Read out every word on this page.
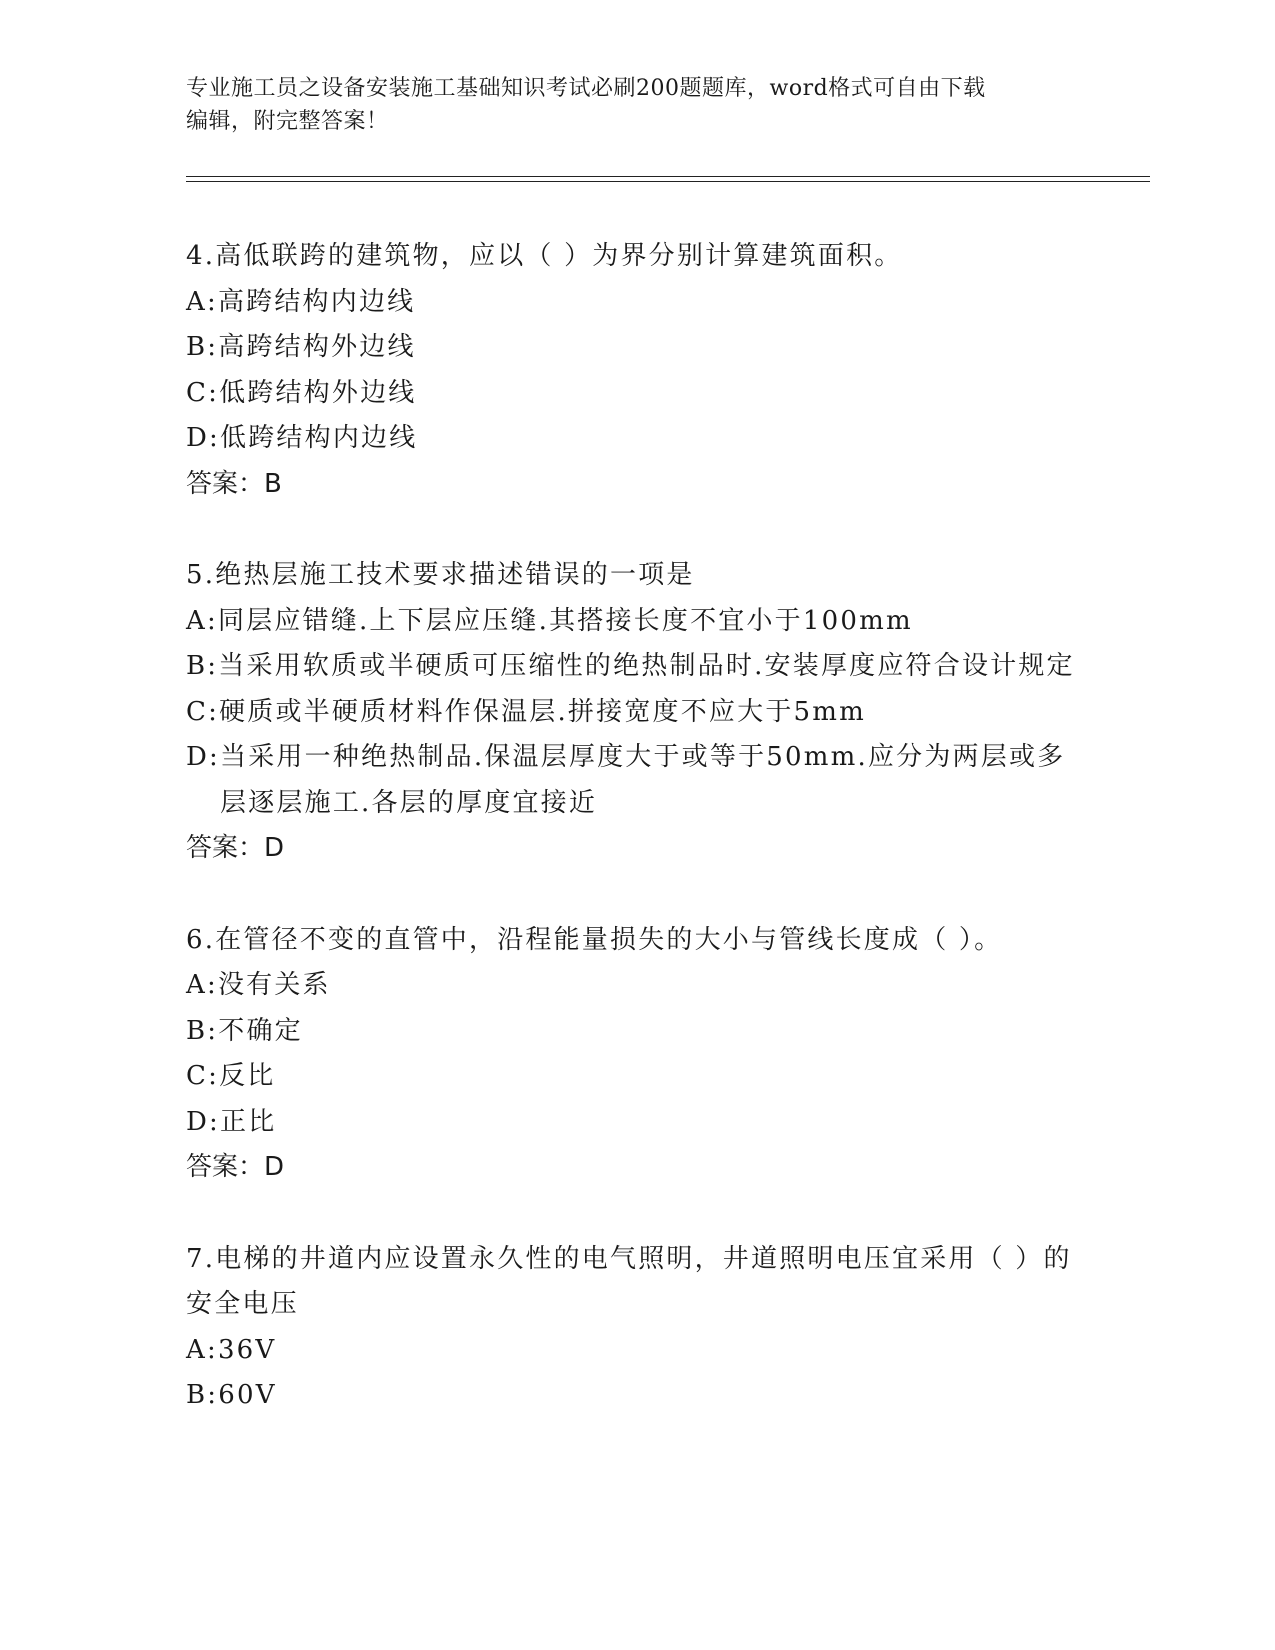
专业施工员之设备安装施工基础知识考试必刷200题题库，word格式可自由下载
编辑，附完整答案！

4.高低联跨的建筑物，应以（ ）为界分别计算建筑面积。

A: 高跨结构内边线
B: 高跨结构外边线
C: 低跨结构外边线
D: 低跨结构内边线

答案：B

5.绝热层施工技术要求描述错误的一项是

A: 同层应错缝.上下层应压缝.其搭接长度不宜小于100mm
B: 当采用软质或半硬质可压缩性的绝热制品时.安装厚度应符合设计规定
C: 硬质或半硬质材料作保温层.拼接宽度不应大于5mm
D: 当采用一种绝热制品.保温层厚度大于或等于50mm.应分为两层或多层逐层施工.各层的厚度宜接近

答案：D

6.在管径不变的直管中，沿程能量损失的大小与管线长度成（ ）。

A: 没有关系
B: 不确定
C: 反比
D: 正比

答案：D

7.电梯的井道内应设置永久性的电气照明，井道照明电压宜采用（ ）的安全电压

A: 36V
B: 60V
